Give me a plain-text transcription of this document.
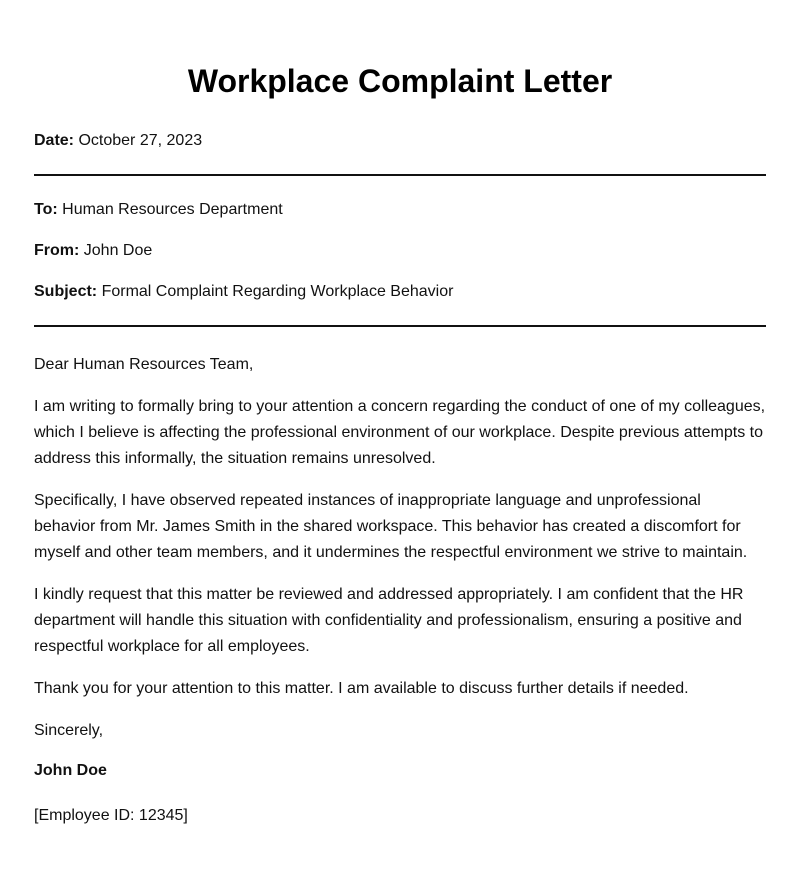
Workplace Complaint Letter
Date: October 27, 2023
To: Human Resources Department
From: John Doe
Subject: Formal Complaint Regarding Workplace Behavior

Dear Human Resources Team,

I am writing to formally bring to your attention a concern regarding the conduct of one of my colleagues, which I believe is affecting the professional environment of our workplace. Despite previous attempts to address this informally, the situation remains unresolved.

Specifically, I have observed repeated instances of inappropriate language and unprofessional behavior from Mr. James Smith in the shared workspace. This behavior has created a discomfort for myself and other team members, and it undermines the respectful environment we strive to maintain.

I kindly request that this matter be reviewed and addressed appropriately. I am confident that the HR department will handle this situation with confidentiality and professionalism, ensuring a positive and respectful workplace for all employees.

Thank you for your attention to this matter. I am available to discuss further details if needed.

Sincerely,

John Doe
[Employee ID: 12345]
